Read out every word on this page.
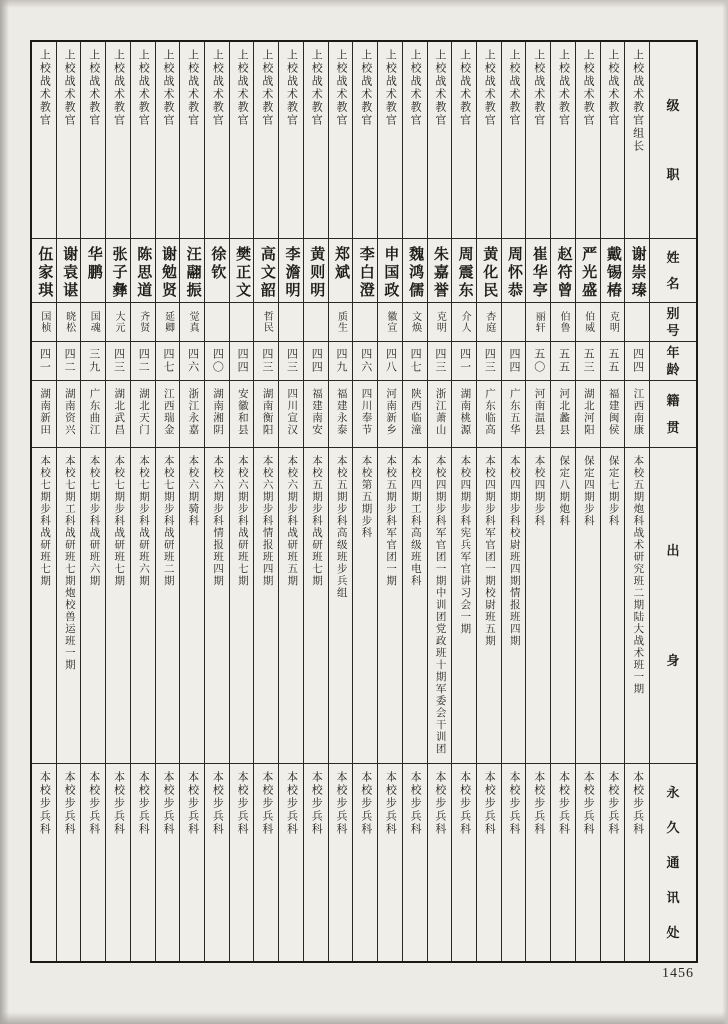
上校战术教官
伍家琪
国桢
四一
湖南新田
本校七期步科战研班七期
本校步兵科
上校战术教官
谢袁谌
晓松
四二
湖南资兴
本校七期工科战研班七期炮校兽运班一期
本校步兵科
上校战术教官
华鹏
国魂
三九
广东曲江
本校七期步科战研班六期
本校步兵科
上校战术教官
张子彝
大元
四三
湖北武昌
本校七期步科战研班七期
本校步兵科
上校战术教官
陈思道
齐贤
四二
湖北天门
本校七期步科战研班六期
本校步兵科
上校战术教官
谢勉贤
延卿
四七
江西瑞金
本校七期步科战研班二期
本校步兵科
上校战术教官
汪翮振
觉真
四六
浙江永嘉
本校六期骑科
本校步兵科
上校战术教官
徐钦
四〇
湖南湘阴
本校六期步科情报班四期
本校步兵科
上校战术教官
樊正文
四四
安徽和县
本校六期步科战研班七期
本校步兵科
上校战术教官
高文韶
哲民
四三
湖南衡阳
本校六期步科情报班四期
本校步兵科
上校战术教官
李澹明
四三
四川宣汉
本校六期步科战研班五期
本校步兵科
上校战术教官
黄则明
四四
福建南安
本校五期步科战研班七期
本校步兵科
上校战术教官
郑斌
质生
四九
福建永泰
本校五期步科高级班步兵组
本校步兵科
上校战术教官
李白澄
四六
四川奉节
本校第五期步科
本校步兵科
上校战术教官
申国政
徽宣
四八
河南新乡
本校五期步科军官团一期
本校步兵科
上校战术教官
魏鸿儒
文焕
四七
陕西临潼
本校四期工科高级班电科
本校步兵科
上校战术教官
朱嘉誉
克明
四三
浙江萧山
本校四期步科军官团一期中训团党政班十期军委会干训团
本校步兵科
上校战术教官
周震东
介人
四一
湖南桃源
本校四期步科宪兵军官讲习会一期
本校步兵科
上校战术教官
黄化民
杏庭
四三
广东临高
本校四期步科军官团一期校尉班五期
本校步兵科
上校战术教官
周怀恭
四四
广东五华
本校四期步科校尉班四期情报班四期
本校步兵科
上校战术教官
崔华亭
丽轩
五〇
河南温县
本校四期步科
本校步兵科
上校战术教官
赵符曾
伯鲁
五五
河北蠡县
保定八期炮科
本校步兵科
上校战术教官
严光盛
伯威
五三
湖北河阳
保定四期步科
本校步兵科
上校战术教官
戴锡椿
克明
五五
福建闽侯
保定七期步科
本校步兵科
上校战术教官组长
谢崇瑧
四四
江西南康
本校五期炮科战术研究班二期陆大战术班一期
本校步兵科
级
职
姓
名
别
号
年
龄
籍
贯
出
身
永
久
通
讯
处
1456
